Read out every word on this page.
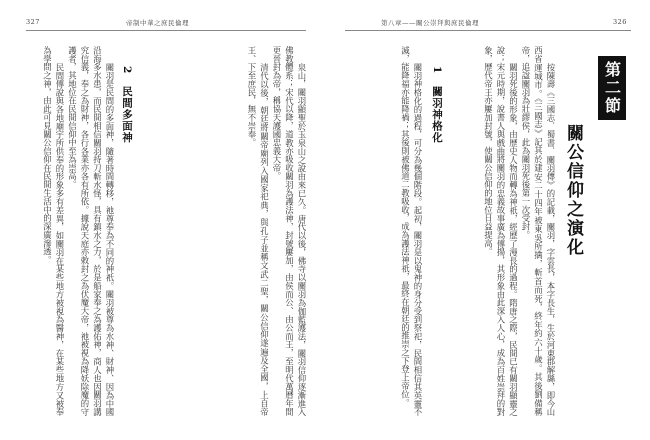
327	帝制中華之庶民倫理

泉山，關羽顯聖於玉泉山之說由來已久。唐代以後，佛寺以關羽為伽藍護法，關羽信仰逐漸進入佛教體系；宋代以降，道教亦吸收關羽為護法神，封號屢加，由侯而公、由公而王，至明代萬曆年間更晉封為帝，稱協天護國忠義大帝。

清代以後，朝廷將關帝廟列入國家祀典，與孔子並稱文武二聖，關公信仰遂遍及全國，上自帝王、下至庶民，無不崇奉。

2　民間多面神

關羽是民間的多面神，隨著時間轉移，祂尊奉為不同的神祇。關羽被尊為水神、財神、因為中國沿海多水患，而民間相信關羽持刀斬水怪，具有鎮水之力，於是船家奉之為護佑神，商人也因關羽講究信義，奉之為財神，各行各業亦各有所依。據說天庭亦敕封之為伏魔大帝，祂被視為降妖除魔的守護者，其地位在民間信仰中至為崇高。

民間傳說與各地廟宇所供奉的形象多有差異，如關羽在某些地方被視為醫神，在某些地方又被奉為學問之神，由此可見關公信仰在民間生活中的深廣滲透。

第八章——關公崇拜與庶民倫理	326
第二節
關公信仰之演化

按陳壽《三國志．蜀書．關羽傳》的記載，關羽，字雲長，本字長生，生於河東郡解縣，即今山西省運城市。《三國志》記其於建安二十四年被東吳所擒，斬首而死，終年約六十歲。其後劉備稱帝，追諡關羽為壯繆侯，此為關羽死後第一次受封。

關羽死後的形象，由歷史人物而轉為神祇，經歷了漫長的過程。隋唐之際，民間已有關羽顯靈之說；宋元時期，說書人與戲曲將關羽的忠義故事廣為傳揚，其形象由此深入人心，成為百姓崇拜的對象，歷代帝王亦屢加封號，使關公信仰的地位日益提高。

1　關羽神格化

關羽神格化的過程，可分為幾個階段。起初，關羽是以鬼神的身分受到祭祀，民間相信其英靈不滅，能降福亦能降禍；其後則被佛道二教吸收，成為護法神祇，最終在朝廷的推崇之下登上帝位。
